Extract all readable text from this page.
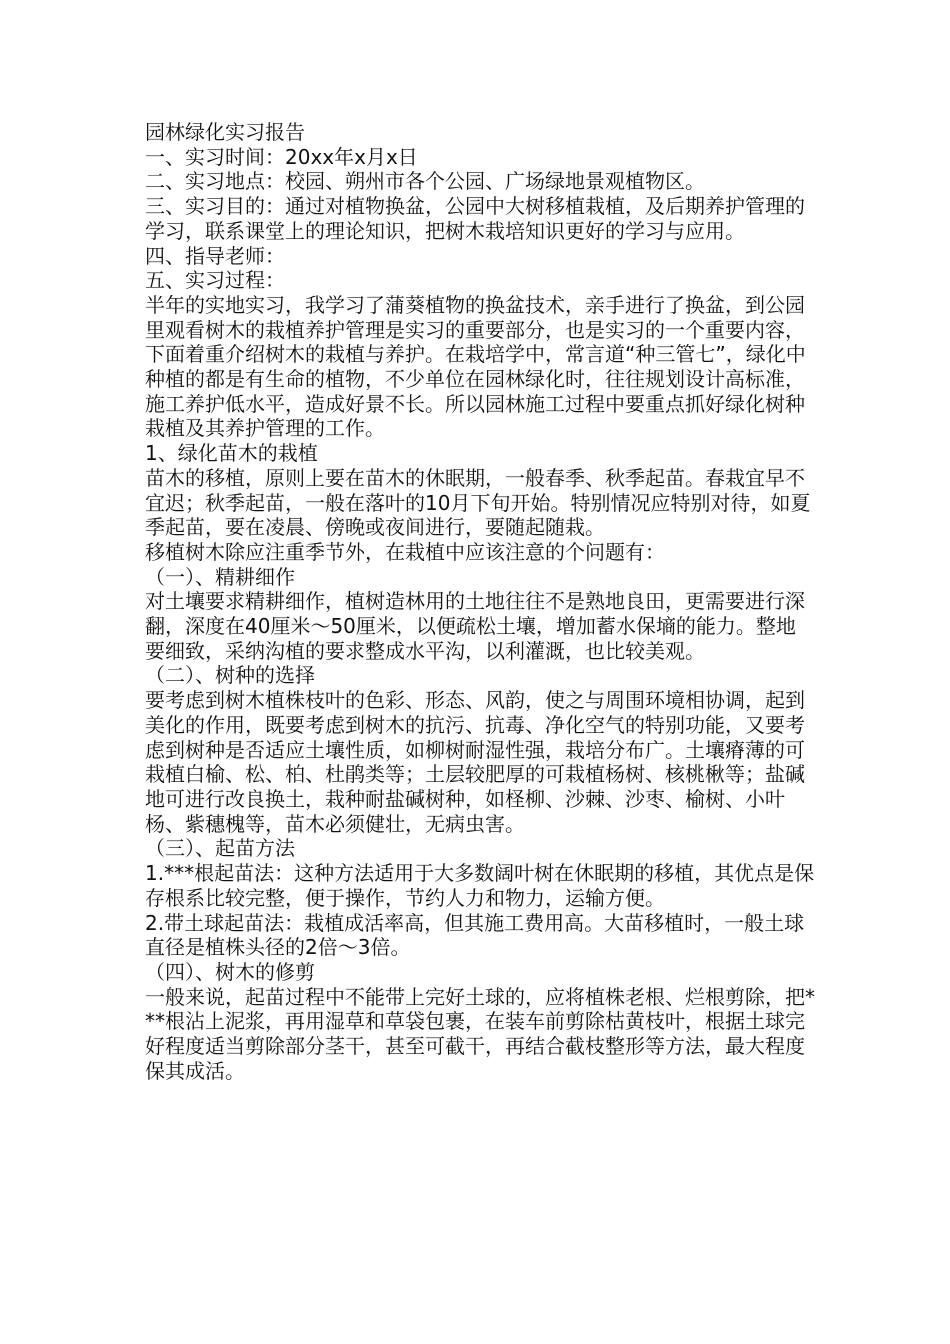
园林绿化实习报告

一、实习时间：20xx年x月x日

二、实习地点：校园、朔州市各个公园、广场绿地景观植物区。

三、实习目的：通过对植物换盆，公园中大树移植栽植，及后期养护管理的学习，联系课堂上的理论知识，把树木栽培知识更好的学习与应用。

四、指导老师：

五、实习过程：

半年的实地实习，我学习了蒲葵植物的换盆技术，亲手进行了换盆，到公园里观看树木的栽植养护管理是实习的重要部分，也是实习的一个重要内容，下面着重介绍树木的栽植与养护。在栽培学中，常言道“种三管七”，绿化中种植的都是有生命的植物，不少单位在园林绿化时，往往规划设计高标准，施工养护低水平，造成好景不长。所以园林施工过程中要重点抓好绿化树种栽植及其养护管理的工作。

1、绿化苗木的栽植

苗木的移植，原则上要在苗木的休眠期，一般春季、秋季起苗。春栽宜早不宜迟；秋季起苗，一般在落叶的10月下旬开始。特别情况应特别对待，如夏季起苗，要在凌晨、傍晚或夜间进行，要随起随栽。

移植树木除应注重季节外，在栽植中应该注意的个问题有：

（一）、精耕细作

对土壤要求精耕细作，植树造林用的土地往往不是熟地良田，更需要进行深翻，深度在40厘米～50厘米，以便疏松土壤，增加蓄水保墒的能力。整地要细致，采纳沟植的要求整成水平沟，以利灌溉，也比较美观。

（二）、树种的选择

要考虑到树木植株枝叶的色彩、形态、风韵，使之与周围环境相协调，起到美化的作用，既要考虑到树木的抗污、抗毒、净化空气的特别功能，又要考虑到树种是否适应土壤性质，如柳树耐湿性强，栽培分布广。土壤瘠薄的可栽植白榆、松、柏、杜鹃类等；土层较肥厚的可栽植杨树、核桃楸等；盐碱地可进行改良换土，栽种耐盐碱树种，如柽柳、沙棘、沙枣、榆树、小叶杨、紫穗槐等，苗木必须健壮，无病虫害。

（三）、起苗方法

1.***根起苗法：这种方法适用于大多数阔叶树在休眠期的移植，其优点是保存根系比较完整，便于操作，节约人力和物力，运输方便。

2.带土球起苗法：栽植成活率高，但其施工费用高。大苗移植时，一般土球直径是植株头径的2倍～3倍。

（四）、树木的修剪

一般来说，起苗过程中不能带上完好土球的，应将植株老根、烂根剪除，把***根沾上泥浆，再用湿草和草袋包裹，在装车前剪除枯黄枝叶，根据土球完好程度适当剪除部分茎干，甚至可截干，再结合截枝整形等方法，最大程度保其成活。
